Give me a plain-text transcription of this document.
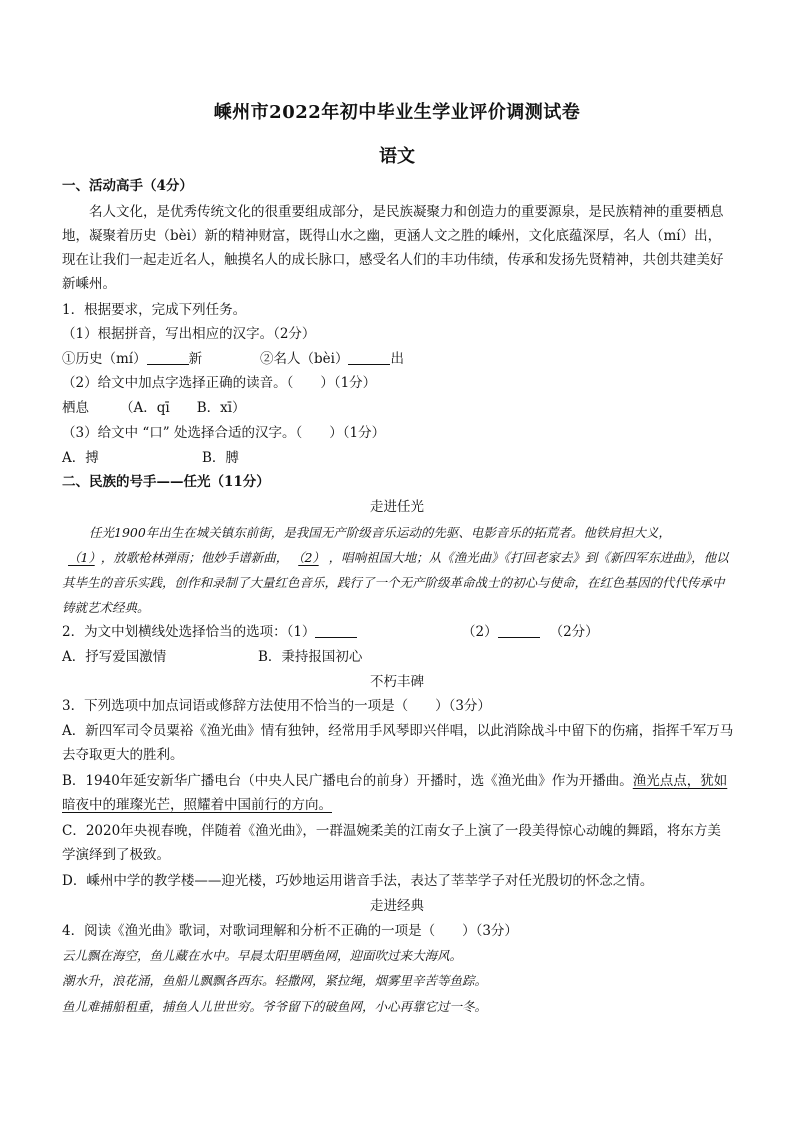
嵊州市2022年初中毕业生学业评价调测试卷
语文
一、活动高手（4分）
名人文化，是优秀传统文化的很重要组成部分，是民族凝聚力和创造力的重要源泉，是民族精神的重要栖息地，凝聚着历史（bèi）新的精神财富，既得山水之幽，更涵人文之胜的嵊州，文化底蕴深厚，名人（mí）出，现在让我们一起走近名人，触摸名人的成长脉口，感受名人们的丰功伟绩，传承和发扬先贤精神，共创共建美好新嵊州。
1．根据要求，完成下列任务。
（1）根据拼音，写出相应的汉字。（2分）
①历史（mí）	新	②名人（bèi）	出
（2）给文中加点字选择正确的读音。（　　）（1分）
栖息 （A．qī　　B．xī）
（3）给文中 “口” 处选择合适的汉字。（　　）（1分）
A．搏	B．膊
二、民族的号手——任光（11分）
走进任光
任光1900年出生在城关镇东前街，是我国无产阶级音乐运动的先驱、电影音乐的拓荒者。他铁肩担大义，
（1） ，放歌枪林弹雨；他妙手谱新曲， （2） ，唱响祖国大地；从《渔光曲》《打回老家去》到《新四军东进曲》，他以其毕生的音乐实践，创作和录制了大量红色音乐，践行了一个无产阶级革命战士的初心与使命，在红色基因的代代传承中铸就艺术经典。
2．为文中划横线处选择恰当的选项：（1）	（2）	（2分）
A．抒写爱国激情	B．秉持报国初心
不朽丰碑
3．下列选项中加点词语或修辞方法使用不恰当的一项是（　　）（3分）
A．新四军司令员粟裕《渔光曲》情有独钟，经常用手风琴即兴伴唱，以此消除战斗中留下的伤痛，指挥千军万马去夺取更大的胜利。
B．1940年延安新华广播电台（中央人民广播电台的前身）开播时，选《渔光曲》作为开播曲。渔光点点，犹如暗夜中的璀璨光芒，照耀着中国前行的方向。
C．2020年央视春晚，伴随着《渔光曲》，一群温婉柔美的江南女子上演了一段美得惊心动魄的舞蹈，将东方美学演绎到了极致。
D．嵊州中学的教学楼——迎光楼，巧妙地运用谐音手法，表达了莘莘学子对任光殷切的怀念之情。
走进经典
4．阅读《渔光曲》歌词，对歌词理解和分析不正确的一项是（　　）（3分）
云儿飘在海空，鱼儿藏在水中。早晨太阳里晒鱼网，迎面吹过来大海风。
潮水升，浪花涌，鱼船儿飘飘各西东。轻撒网，紧拉绳，烟雾里辛苦等鱼踪。
鱼儿难捕船租重，捕鱼人儿世世穷。爷爷留下的破鱼网，小心再靠它过一冬。
